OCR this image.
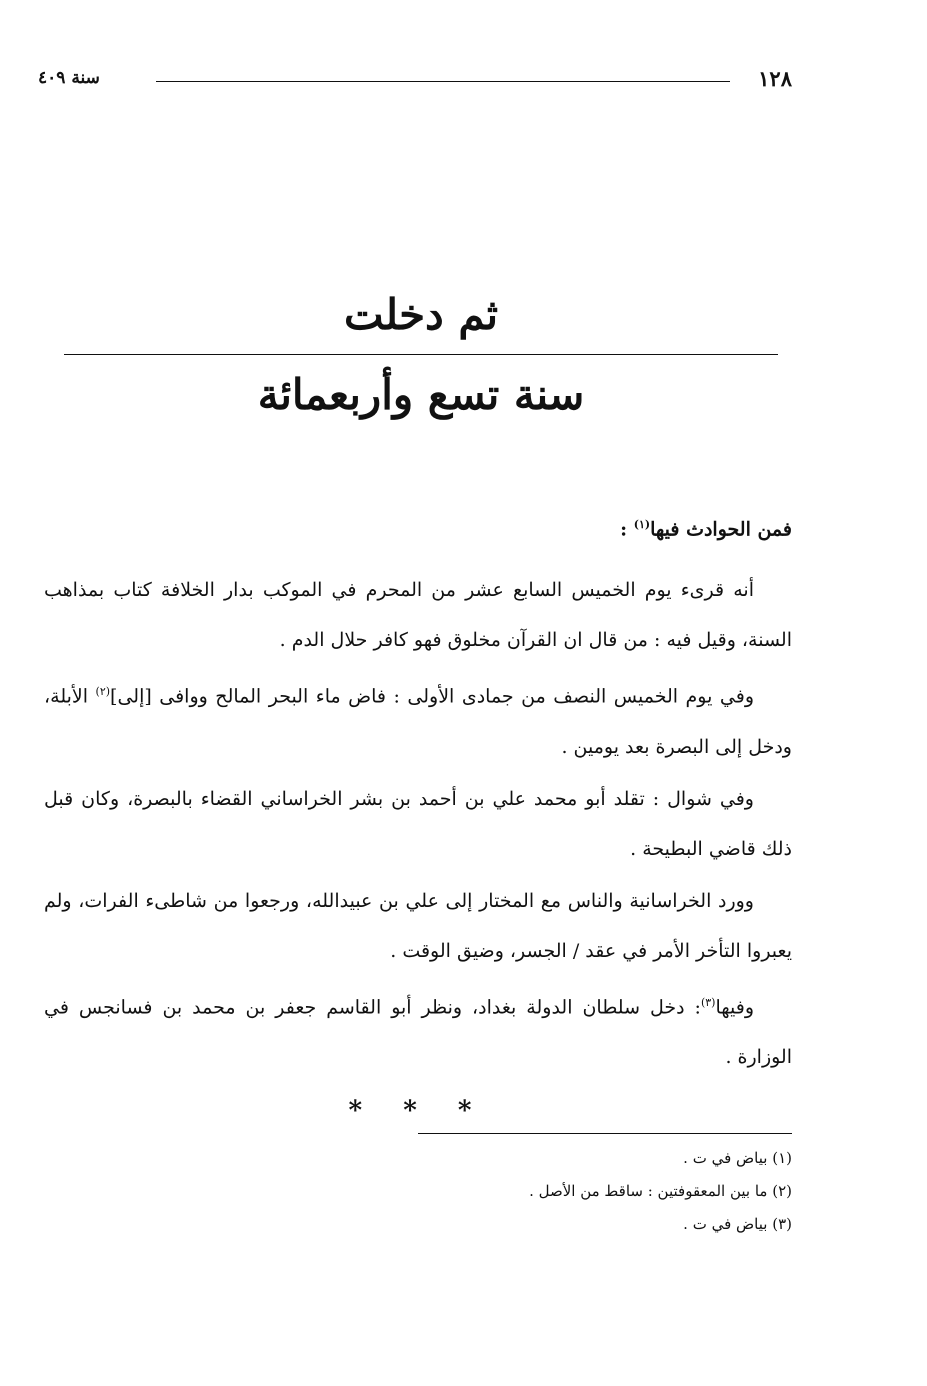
١٢٨
سنة ٤٠٩
ثم دخلت
سنة تسع وأربعمائة

فمن الحوادث فيها$^{(١)}$ :

أنه قرىء يوم الخميس السابع عشر من المحرم في الموكب بدار الخلافة كتاب بمذاهب السنة، وقيل فيه : من قال ان القرآن مخلوق فهو كافر حلال الدم .

وفي يوم الخميس النصف من جمادى الأولى : فاض ماء البحر المالح ووافى [إلى]$^{(٢)}$ الأبلة، ودخل إلى البصرة بعد يومين .

وفي شوال : تقلد أبو محمد علي بن أحمد بن بشر الخراساني القضاء بالبصرة، وكان قبل ذلك قاضي البطيحة .

وورد الخراسانية والناس مع المختار إلى علي بن عبيدالله، ورجعوا من شاطىء الفرات، ولم يعبروا التأخر الأمر في عقد / الجسر، وضيق الوقت .

وفيها$^{(٣)}$: دخل سلطان الدولة بغداد، ونظر أبو القاسم جعفر بن محمد بن فسانجس في الوزارة .

* * *
(١) بياض في ت .
(٢) ما بين المعقوفتين : ساقط من الأصل .
(٣) بياض في ت .
